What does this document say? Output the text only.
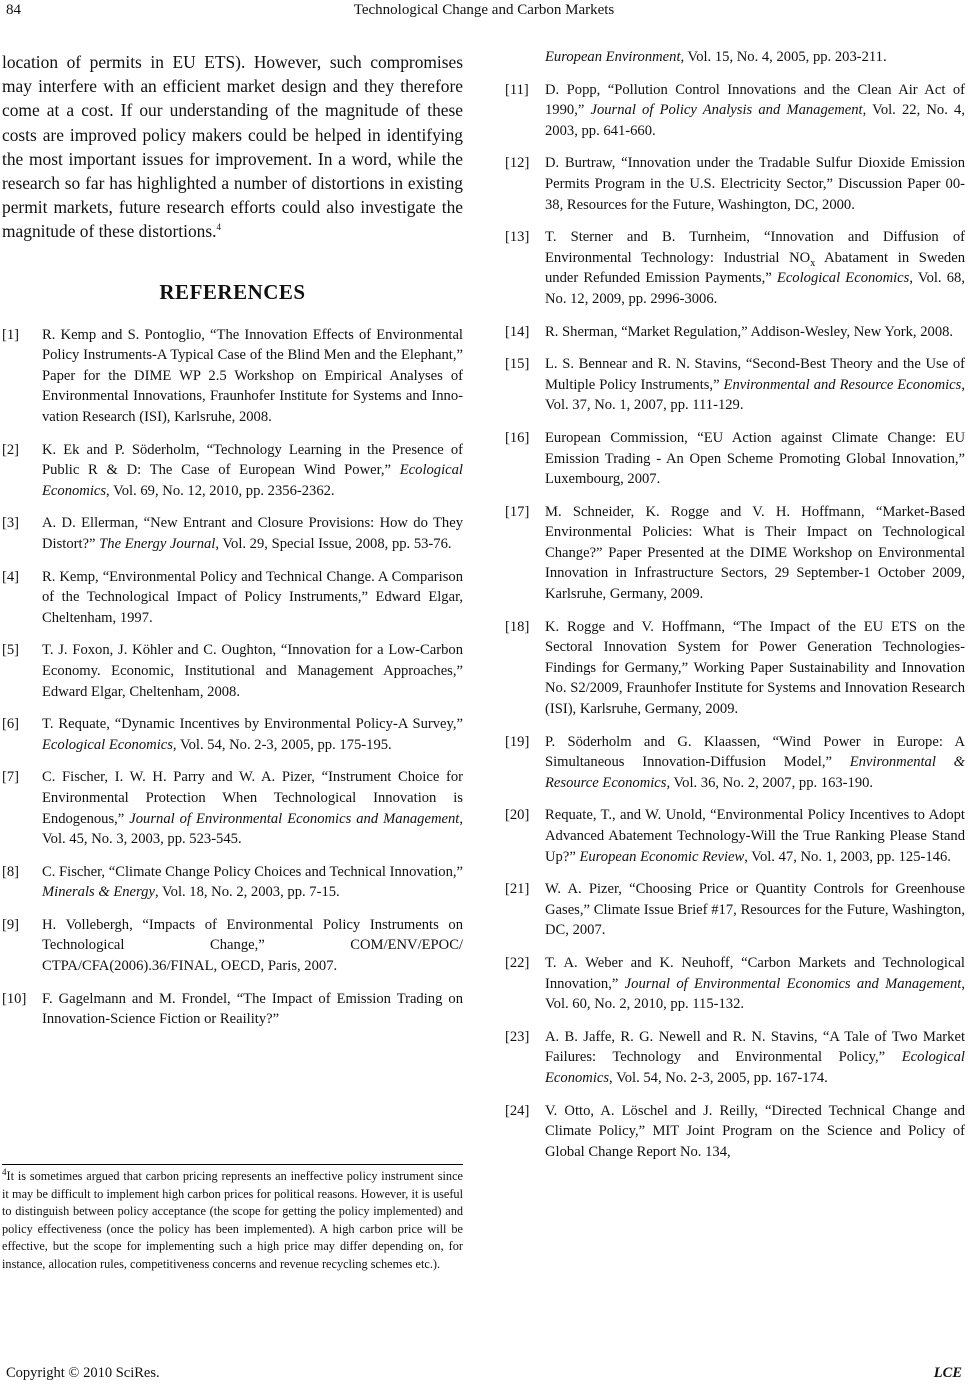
84	Technological Change and Carbon Markets

location of permits in EU ETS). However, such compromises may interfere with an efficient market design and they therefore come at a cost. If our understanding of the magnitude of these costs are improved policy makers could be helped in identifying the most important issues for improvement. In a word, while the research so far has highlighted a number of distortions in existing permit markets, future research efforts could also investigate the magnitude of these distortions.$^4$

REFERENCES
[1]	R. Kemp and S. Pontoglio, “The Innovation Effects of Environmental Policy Instruments-A Typical Case of the Blind Men and the Elephant,” Paper for the DIME WP 2.5 Workshop on Empirical Analyses of Environmental Innovations, Fraunhofer Institute for Systems and Innovation Research (ISI), Karlsruhe, 2008.
[2]	K. Ek and P. Söderholm, “Technology Learning in the Presence of Public R & D: The Case of European Wind Power,” Ecological Economics, Vol. 69, No. 12, 2010, pp. 2356-2362.
[3]	A. D. Ellerman, “New Entrant and Closure Provisions: How do They Distort?” The Energy Journal, Vol. 29, Special Issue, 2008, pp. 53-76.
[4]	R. Kemp, “Environmental Policy and Technical Change. A Comparison of the Technological Impact of Policy Instruments,” Edward Elgar, Cheltenham, 1997.
[5]	T. J. Foxon, J. Köhler and C. Oughton, “Innovation for a Low-Carbon Economy. Economic, Institutional and Management Approaches,” Edward Elgar, Cheltenham, 2008.
[6]	T. Requate, “Dynamic Incentives by Environmental Policy-A Survey,” Ecological Economics, Vol. 54, No. 2-3, 2005, pp. 175-195.
[7]	C. Fischer, I. W. H. Parry and W. A. Pizer, “Instrument Choice for Environmental Protection When Technological Innovation is Endogenous,” Journal of Environmental Economics and Management, Vol. 45, No. 3, 2003, pp. 523-545.
[8]	C. Fischer, “Climate Change Policy Choices and Technical Innovation,” Minerals & Energy, Vol. 18, No. 2, 2003, pp. 7-15.
[9]	H. Vollebergh, “Impacts of Environmental Policy Instruments on Technological Change,” COM/ENV/EPOC/ CTPA/CFA(2006).36/FINAL, OECD, Paris, 2007.
[10]	F. Gagelmann and M. Frondel, “The Impact of Emission Trading on Innovation-Science Fiction or Reaility?”
European Environment, Vol. 15, No. 4, 2005, pp. 203-211.
[11]	D. Popp, “Pollution Control Innovations and the Clean Air Act of 1990,” Journal of Policy Analysis and Management, Vol. 22, No. 4, 2003, pp. 641-660.
[12]	D. Burtraw, “Innovation under the Tradable Sulfur Dioxide Emission Permits Program in the U.S. Electricity Sector,” Discussion Paper 00-38, Resources for the Future, Washington, DC, 2000.
[13]	T. Sterner and B. Turnheim, “Innovation and Diffusion of Environmental Technology: Industrial $NO_x$ Abatament in Sweden under Refunded Emission Payments,” Ecological Economics, Vol. 68, No. 12, 2009, pp. 2996-3006.
[14]	R. Sherman, “Market Regulation,” Addison-Wesley, New York, 2008.
[15]	L. S. Bennear and R. N. Stavins, “Second-Best Theory and the Use of Multiple Policy Instruments,” Environmental and Resource Economics, Vol. 37, No. 1, 2007, pp. 111-129.
[16]	European Commission, “EU Action against Climate Change: EU Emission Trading - An Open Scheme Promoting Global Innovation,” Luxembourg, 2007.
[17]	M. Schneider, K. Rogge and V. H. Hoffmann, “Market-Based Environmental Policies: What is Their Impact on Technological Change?” Paper Presented at the DIME Workshop on Environmental Innovation in Infrastructure Sectors, 29 September-1 October 2009, Karlsruhe, Germany, 2009.
[18]	K. Rogge and V. Hoffmann, “The Impact of the EU ETS on the Sectoral Innovation System for Power Generation Technologies-Findings for Germany,” Working Paper Sustainability and Innovation No. S2/2009, Fraunhofer Institute for Systems and Innovation Research (ISI), Karlsruhe, Germany, 2009.
[19]	P. Söderholm and G. Klaassen, “Wind Power in Europe: A Simultaneous Innovation-Diffusion Model,” Environmental & Resource Economics, Vol. 36, No. 2, 2007, pp. 163-190.
[20]	Requate, T., and W. Unold, “Environmental Policy Incentives to Adopt Advanced Abatement Technology-Will the True Ranking Please Stand Up?” European Economic Review, Vol. 47, No. 1, 2003, pp. 125-146.
[21]	W. A. Pizer, “Choosing Price or Quantity Controls for Greenhouse Gases,” Climate Issue Brief #17, Resources for the Future, Washington, DC, 2007.
[22]	T. A. Weber and K. Neuhoff, “Carbon Markets and Technological Innovation,” Journal of Environmental Economics and Management, Vol. 60, No. 2, 2010, pp. 115-132.
[23]	A. B. Jaffe, R. G. Newell and R. N. Stavins, “A Tale of Two Market Failures: Technology and Environmental Policy,” Ecological Economics, Vol. 54, No. 2-3, 2005, pp. 167-174.
[24]	V. Otto, A. Löschel and J. Reilly, “Directed Technical Change and Climate Policy,” MIT Joint Program on the Science and Policy of Global Change Report No. 134,
$^4$It is sometimes argued that carbon pricing represents an ineffective policy instrument since it may be difficult to implement high carbon prices for political reasons. However, it is useful to distinguish between policy acceptance (the scope for getting the policy implemented) and policy effectiveness (once the policy has been implemented). A high carbon price will be effective, but the scope for implementing such a high price may differ depending on, for instance, allocation rules, competitiveness concerns and revenue recycling schemes etc.).
Copyright © 2010 SciRes.	LCE
